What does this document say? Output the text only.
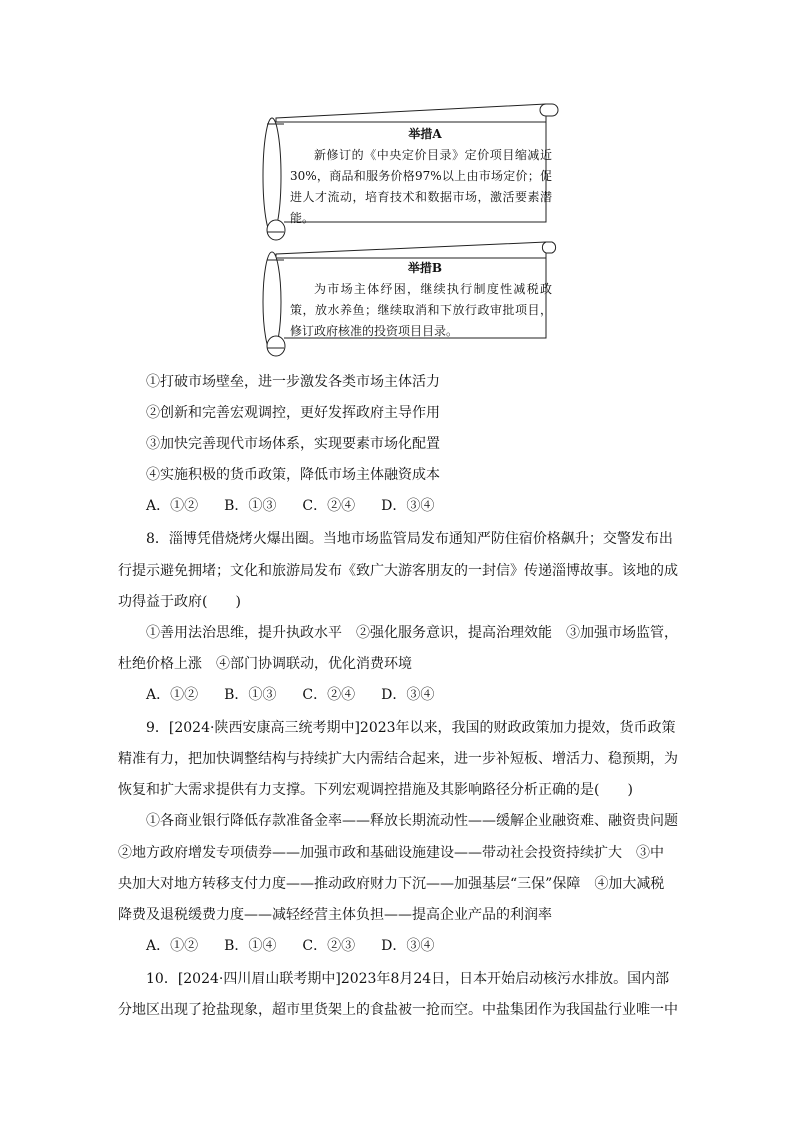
举措A
新修订的《中央定价目录》定价项目缩减近30%，商品和服务价格97%以上由市场定价；促进人才流动，培育技术和数据市场，激活要素潜能。
举措B
为市场主体纾困，继续执行制度性减税政策，放水养鱼；继续取消和下放行政审批项目，修订政府核准的投资项目目录。
①打破市场壁垒，进一步激发各类市场主体活力
②创新和完善宏观调控，更好发挥政府主导作用
③加快完善现代市场体系，实现要素市场化配置
④实施积极的货币政策，降低市场主体融资成本
A．①② B．①③ C．②④ D．③④
8．淄博凭借烧烤火爆出圈。当地市场监管局发布通知严防住宿价格飙升；交警发布出
行提示避免拥堵；文化和旅游局发布《致广大游客朋友的一封信》传递淄博故事。该地的成
功得益于政府(　　)
①善用法治思维，提升执政水平　②强化服务意识，提高治理效能　③加强市场监管，
杜绝价格上涨　④部门协调联动，优化消费环境
A．①② B．①③ C．②④ D．③④
9．[2024·陕西安康高三统考期中]2023年以来，我国的财政政策加力提效，货币政策
精准有力，把加快调整结构与持续扩大内需结合起来，进一步补短板、增活力、稳预期，为
恢复和扩大需求提供有力支撑。下列宏观调控措施及其影响路径分析正确的是(　　)
①各商业银行降低存款准备金率——释放长期流动性——缓解企业融资难、融资贵问题
②地方政府增发专项债券——加强市政和基础设施建设——带动社会投资持续扩大　③中
央加大对地方转移支付力度——推动政府财力下沉——加强基层“三保”保障　④加大减税
降费及退税缓费力度——减轻经营主体负担——提高企业产品的利润率
A．①② B．①④ C．②③ D．③④
10．[2024·四川眉山联考期中]2023年8月24日，日本开始启动核污水排放。国内部
分地区出现了抢盐现象，超市里货架上的食盐被一抢而空。中盐集团作为我国盐行业唯一中
